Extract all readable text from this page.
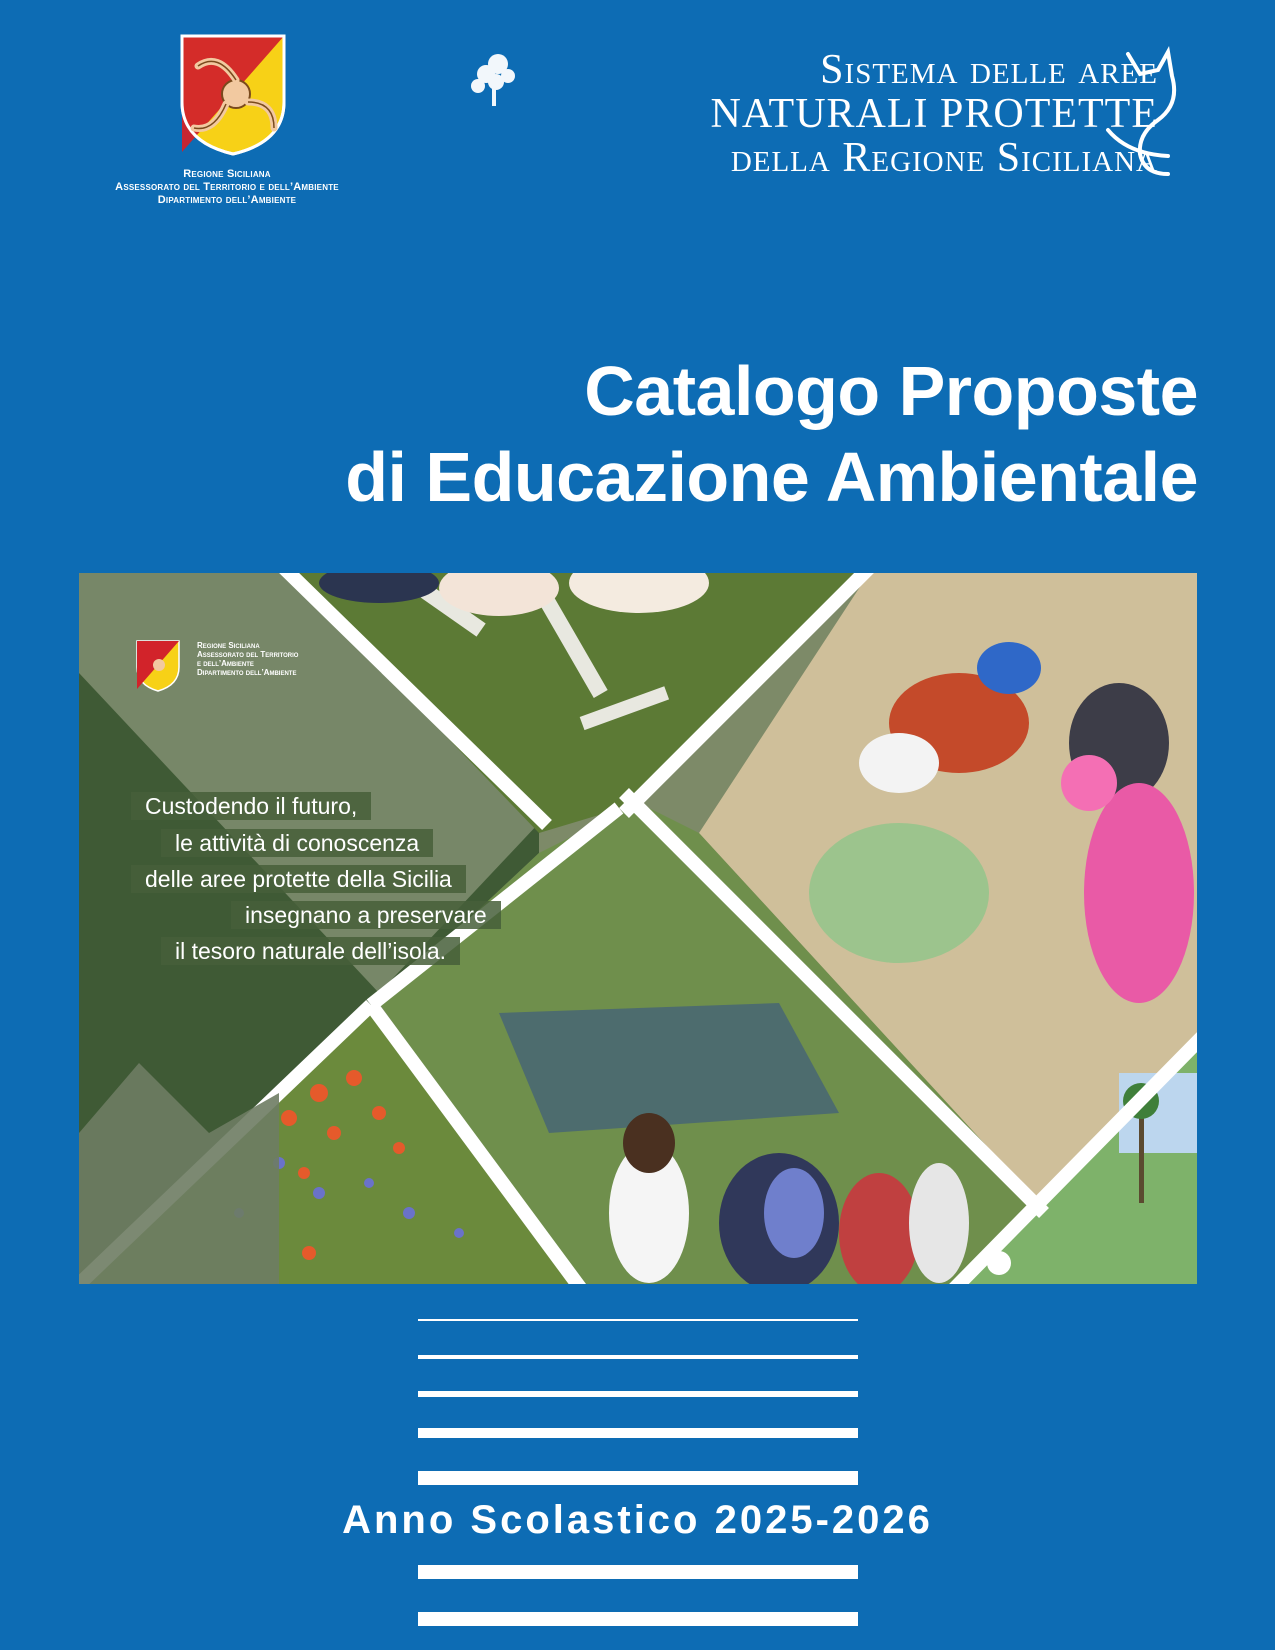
Regione Siciliana
Assessorato del Territorio e dell’Ambiente
Dipartimento dell’Ambiente
Sistema delle aree
NATURALI PROTETTE
della Regione Siciliana
Catalogo Proposte
di Educazione Ambientale
Regione Siciliana
Assessorato del Territorio
e dell’Ambiente
Dipartimento dell’Ambiente
Custodendo il futuro,
le attività di conoscenza
delle aree protette della Sicilia
insegnano a preservare
il tesoro naturale dell’isola.
Anno Scolastico 2025-2026
